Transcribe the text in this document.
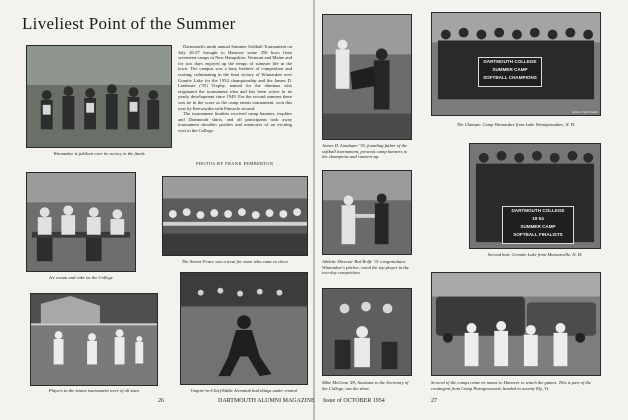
Liveliest Point of the Summer

Winnaukee is jubilant over its victory in the finals

Dartmouth's ninth annual Summer Softball Tournament on July 26-27 brought to Hanover some 350 boys from seventeen camps in New Hampshire, Vermont and Maine and for two days enjoyed up the tempo of summer life in the town. The campus was a busy beehive of competition and rooting, culminating in the final victory of Winnaukee over Granite Lake for the 1954 championship and the James D. Landauer ('35) Trophy, named for the alumnus who originated the tournament idea and has been active in its yearly development since 1949. For the second summer there was tie in the score as the camp tennis tournament, won this year by Keewaydin with Pinnacle second.

The tournament finalists received camp banners, trophies and Dartmouth shirts, and all participants took away tournament shoulder patches and memories of an exciting visit to the College.

PHOTOS BY FRANK PEMBERTON

Ice cream and cake on the College

The Senior Fence was a treat for some who came to cheer

Players in the tennis tournament were of all sizes	Umpire-in-Chief Eddie Jeremiah had things under control

26	DARTMOUTH ALUMNI MAGAZINE

James D. Landauer '35, founding father of the softball tournament, presents camp banners to the champions and runners-up.

DARTMOUTH COLLEGE
SUMMER CAMP
SOFTBALL CHAMPIONS
Robert Hall Studio

The Champs: Camp Winnaukee from Lake Winnipesaukee, N. H.

Athletic Director Red Rolfe '31 congratulates Winnaukee's pitcher, voted the top player in the two-day competition.

DARTMOUTH COLLEGE
19 54
SUMMER CAMP
SOFTBALL FINALISTS

Second best: Granite Lake from Munsonville, N. H.

Mike McGean '49, Assistant to the Secretary of the College, ran the show.

Several of the camps came en masse to Hanover to watch the games. This is part of the contingent from Camp Pemigewassett, headed to nearby Ely, Vt.

Issue of OCTOBER 1954	27
